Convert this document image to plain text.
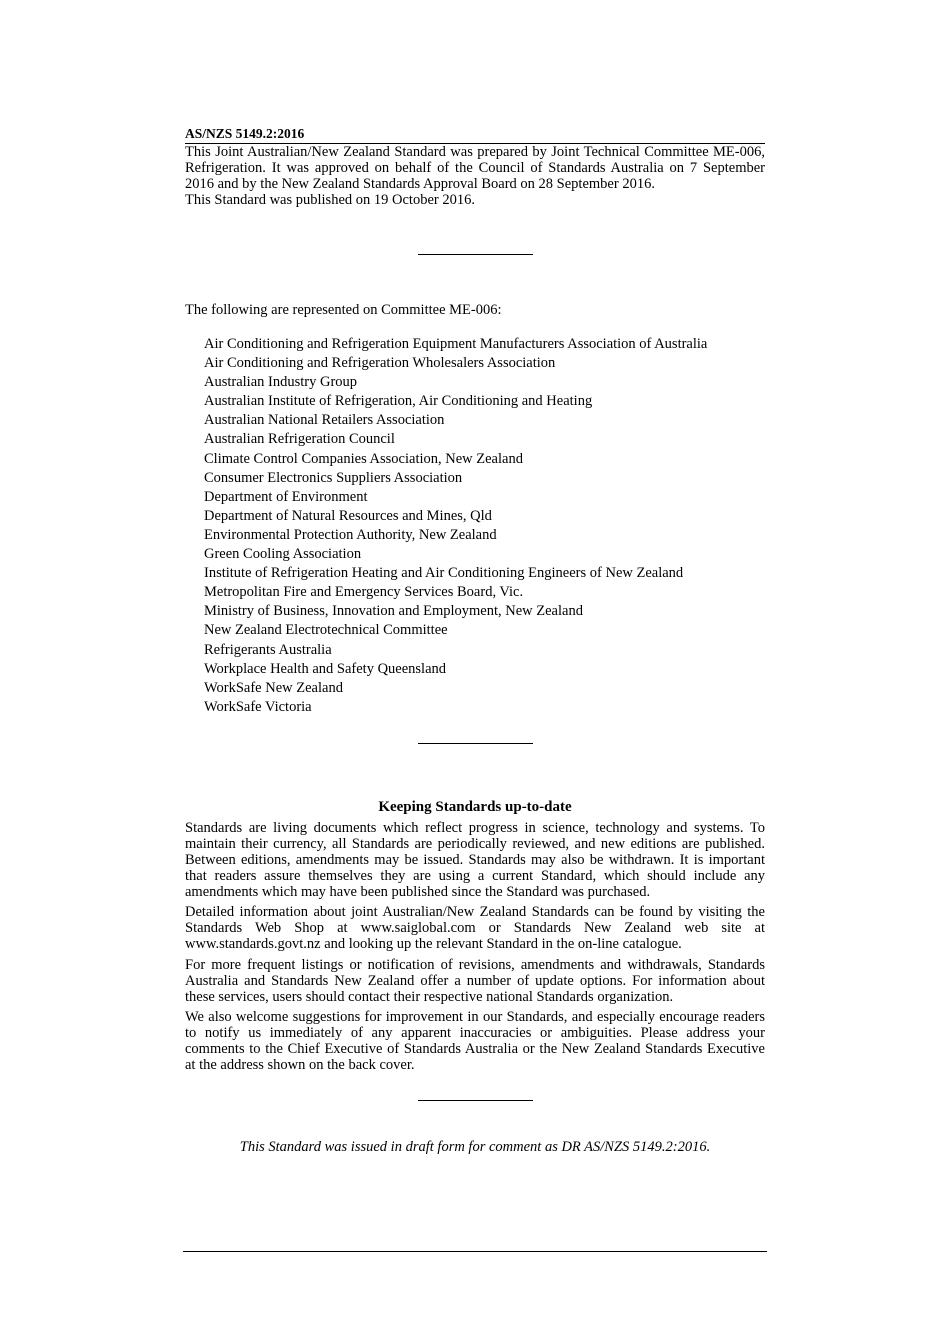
AS/NZS 5149.2:2016

This Joint Australian/New Zealand Standard was prepared by Joint Technical Committee ME-006, Refrigeration. It was approved on behalf of the Council of Standards Australia on 7 September 2016 and by the New Zealand Standards Approval Board on 28 September 2016.

This Standard was published on 19 October 2016.

The following are represented on Committee ME-006:

Air Conditioning and Refrigeration Equipment Manufacturers Association of Australia
Air Conditioning and Refrigeration Wholesalers Association
Australian Industry Group
Australian Institute of Refrigeration, Air Conditioning and Heating
Australian National Retailers Association
Australian Refrigeration Council
Climate Control Companies Association, New Zealand
Consumer Electronics Suppliers Association
Department of Environment
Department of Natural Resources and Mines, Qld
Environmental Protection Authority, New Zealand
Green Cooling Association
Institute of Refrigeration Heating and Air Conditioning Engineers of New Zealand
Metropolitan Fire and Emergency Services Board, Vic.
Ministry of Business, Innovation and Employment, New Zealand
New Zealand Electrotechnical Committee
Refrigerants Australia
Workplace Health and Safety Queensland
WorkSafe New Zealand
WorkSafe Victoria
Keeping Standards up-to-date

Standards are living documents which reflect progress in science, technology and systems. To maintain their currency, all Standards are periodically reviewed, and new editions are published. Between editions, amendments may be issued. Standards may also be withdrawn. It is important that readers assure themselves they are using a current Standard, which should include any amendments which may have been published since the Standard was purchased.

Detailed information about joint Australian/New Zealand Standards can be found by visiting the Standards Web Shop at www.saiglobal.com or Standards New Zealand web site at www.standards.govt.nz and looking up the relevant Standard in the on-line catalogue.

For more frequent listings or notification of revisions, amendments and withdrawals, Standards Australia and Standards New Zealand offer a number of update options. For information about these services, users should contact their respective national Standards organization.

We also welcome suggestions for improvement in our Standards, and especially encourage readers to notify us immediately of any apparent inaccuracies or ambiguities. Please address your comments to the Chief Executive of Standards Australia or the New Zealand Standards Executive at the address shown on the back cover.

This Standard was issued in draft form for comment as DR AS/NZS 5149.2:2016.
